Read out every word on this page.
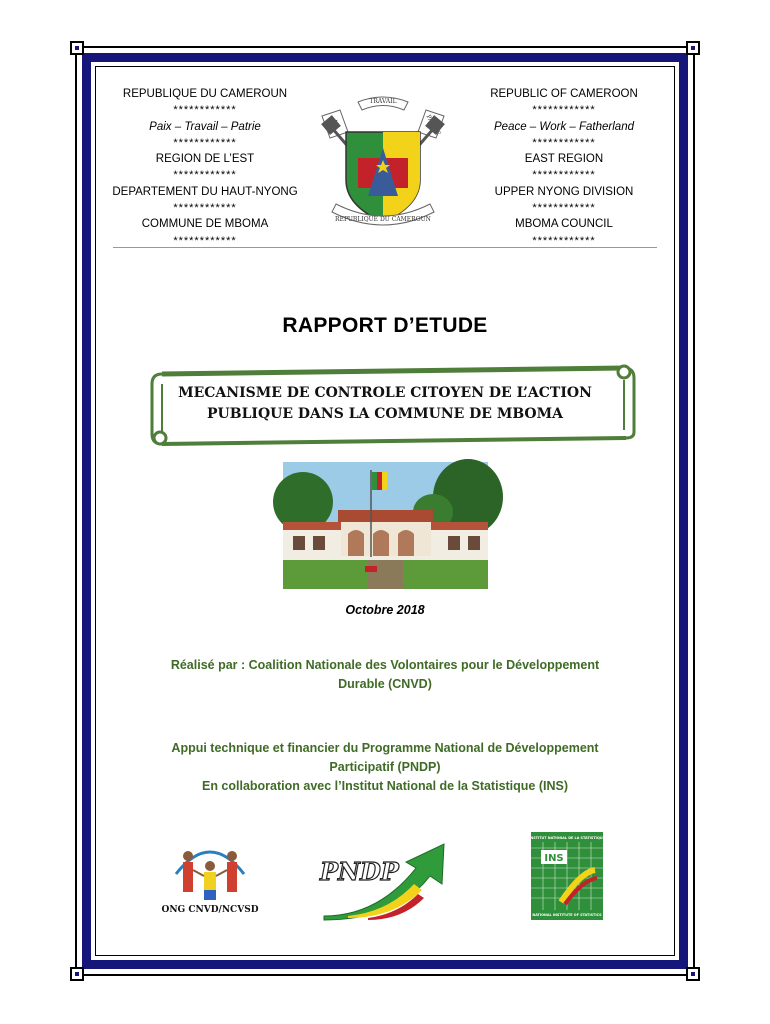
REPUBLIQUE DU CAMEROUN
************
Paix – Travail – Patrie
************
REGION DE L’EST
************
DEPARTEMENT DU HAUT-NYONG
************
COMMUNE DE MBOMA
************
REPUBLIC OF CAMEROON
************
Peace – Work – Fatherland
************
EAST REGION
************
UPPER NYONG DIVISION
************
MBOMA COUNCIL
************
TRAVAIL
REPUBLIQUE DU CAMEROUN
RAPPORT D’ETUDE
MECANISME DE CONTROLE CITOYEN DE L’ACTION
PUBLIQUE DANS LA COMMUNE DE MBOMA
Octobre 2018
Réalisé par : Coalition Nationale des Volontaires pour le Développement
Durable (CNVD)
Appui technique et financier du Programme National de Développement
Participatif (PNDP)
En collaboration avec l’Institut National de la Statistique (INS)
ONG CNVD/NCVSD
PNDP
INSTITUT NATIONAL DE LA STATISTIQUE
INS
NATIONAL INSTITUTE OF STATISTICS
